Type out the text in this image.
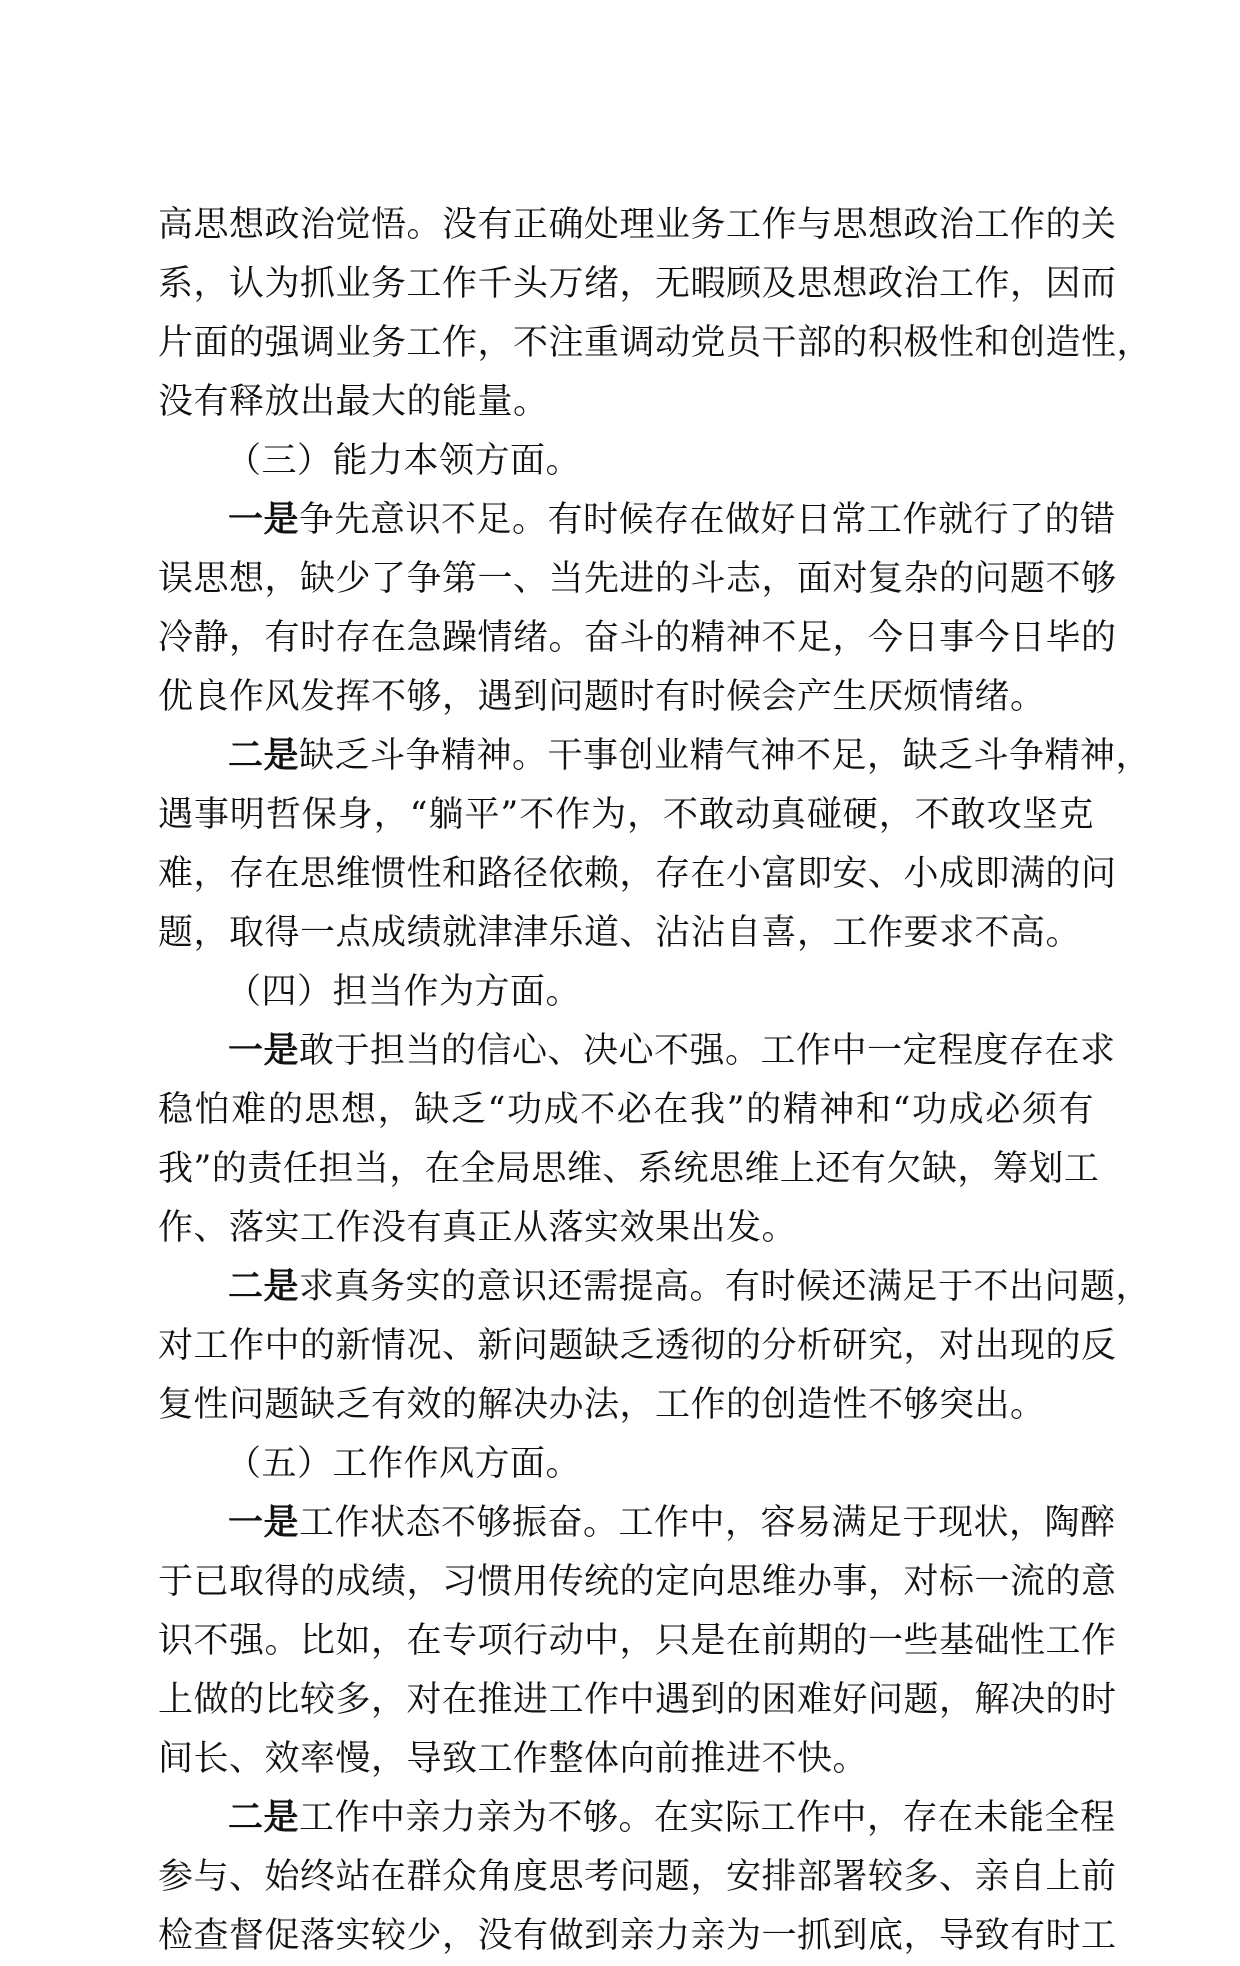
高思想政治觉悟。没有正确处理业务工作与思想政治工作的关
系，认为抓业务工作千头万绪，无暇顾及思想政治工作，因而
片面的强调业务工作，不注重调动党员干部的积极性和创造性，
没有释放出最大的能量。
（三）能力本领方面。
一是争先意识不足。有时候存在做好日常工作就行了的错
误思想，缺少了争第一、当先进的斗志，面对复杂的问题不够
冷静，有时存在急躁情绪。奋斗的精神不足，今日事今日毕的
优良作风发挥不够，遇到问题时有时候会产生厌烦情绪。
二是缺乏斗争精神。干事创业精气神不足，缺乏斗争精神，
遇事明哲保身，“躺平”不作为，不敢动真碰硬，不敢攻坚克
难，存在思维惯性和路径依赖，存在小富即安、小成即满的问
题，取得一点成绩就津津乐道、沾沾自喜，工作要求不高。
（四）担当作为方面。
一是敢于担当的信心、决心不强。工作中一定程度存在求
稳怕难的思想，缺乏“功成不必在我”的精神和“功成必须有
我”的责任担当，在全局思维、系统思维上还有欠缺，筹划工
作、落实工作没有真正从落实效果出发。
二是求真务实的意识还需提高。有时候还满足于不出问题，
对工作中的新情况、新问题缺乏透彻的分析研究，对出现的反
复性问题缺乏有效的解决办法，工作的创造性不够突出。
（五）工作作风方面。
一是工作状态不够振奋。工作中，容易满足于现状，陶醉
于已取得的成绩，习惯用传统的定向思维办事，对标一流的意
识不强。比如，在专项行动中，只是在前期的一些基础性工作
上做的比较多，对在推进工作中遇到的困难好问题，解决的时
间长、效率慢，导致工作整体向前推进不快。
二是工作中亲力亲为不够。在实际工作中，存在未能全程
参与、始终站在群众角度思考问题，安排部署较多、亲自上前
检查督促落实较少，没有做到亲力亲为一抓到底，导致有时工
